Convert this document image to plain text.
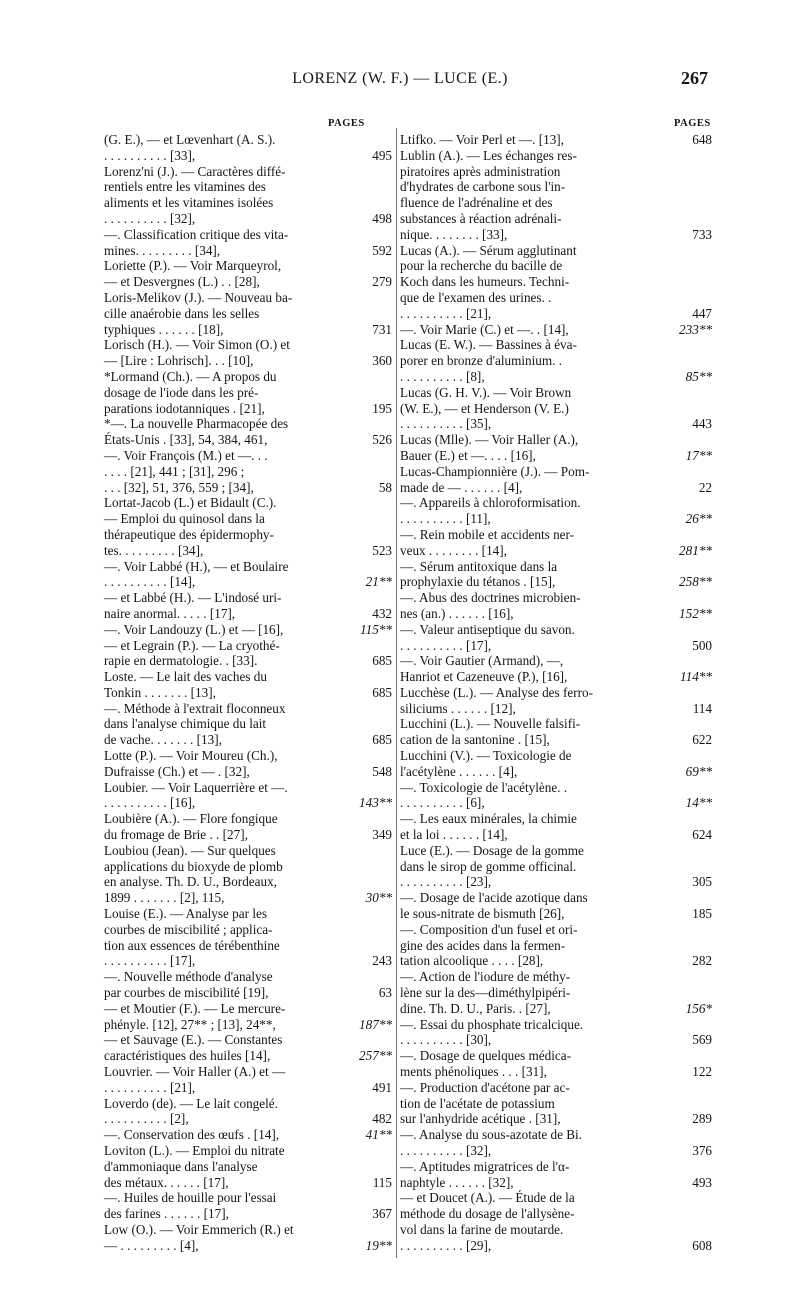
LORENZ (W. F.) — LUCE (E.)	267
PAGES	PAGES
(G. E.), — et Lœvenhart (A. S.).
. . . . . . . . . . [33],	495
Lorenz'ni (J.). — Caractères diffé-
rentiels entre les vitamines des
aliments et les vitamines isolées
. . . . . . . . . . [32],	498
—. Classification critique des vita-
mines. . . . . . . . . [34],	592
Loriette (P.). — Voir Marqueyrol,
— et Desvergnes (L.) . . [28],	279
Loris-Melikov (J.). — Nouveau ba-
cille anaérobie dans les selles
typhiques . . . . . . [18],	731
Lorisch (H.). — Voir Simon (O.) et
— [Lire : Lohrisch]. . . [10],	360
*Lormand (Ch.). — A propos du
dosage de l'iode dans les pré-
parations iodotanniques . [21],	195
*—. La nouvelle Pharmacopée des
États-Unis . [33], 54, 384, 461,	526
—. Voir François (M.) et —. . .
. . . . [21], 441 ; [31], 296 ;
. . . [32], 51, 376, 559 ; [34],	58
Lortat-Jacob (L.) et Bidault (C.).
— Emploi du quinosol dans la
thérapeutique des épidermophy-
tes. . . . . . . . . [34],	523
—. Voir Labbé (H.), — et Boulaire
. . . . . . . . . . [14],	21**
— et Labbé (H.). — L'indosé uri-
naire anormal. . . . . [17],	432
—. Voir Landouzy (L.) et — [16],	115**
— et Legrain (P.). — La cryothé-
rapie en dermatologie. . [33].	685
Loste. — Le lait des vaches du
Tonkin . . . . . . . [13],	685
—. Méthode à l'extrait floconneux
dans l'analyse chimique du lait
de vache. . . . . . . [13],	685
Lotte (P.). — Voir Moureu (Ch.),
Dufraisse (Ch.) et — . [32],	548
Loubier. — Voir Laquerrière et —.
. . . . . . . . . . [16],	143**
Loubière (A.). — Flore fongique
du fromage de Brie . . [27],	349
Loubiou (Jean). — Sur quelques
applications du bioxyde de plomb
en analyse. Th. D. U., Bordeaux,
1899 . . . . . . . [2], 115,	30**
Louise (E.). — Analyse par les
courbes de miscibilité ; applica-
tion aux essences de térébenthine
. . . . . . . . . . [17],	243
—. Nouvelle méthode d'analyse
par courbes de miscibilité [19],	63
— et Moutier (F.). — Le mercure-
phényle. [12], 27** ; [13], 24**,	187**
— et Sauvage (E.). — Constantes
caractéristiques des huiles [14],	257**
Louvrier. — Voir Haller (A.) et —
. . . . . . . . . . [21],	491
Loverdo (de). — Le lait congelé.
. . . . . . . . . . [2],	482
—. Conservation des œufs . [14],	41**
Loviton (L.). — Emploi du nitrate
d'ammoniaque dans l'analyse
des métaux. . . . . . [17],	115
—. Huiles de houille pour l'essai
des farines . . . . . . [17],	367
Low (O.). — Voir Emmerich (R.) et
— . . . . . . . . . [4],	19**
Ltifko. — Voir Perl et —. [13],	648
Lublin (A.). — Les échanges res-
piratoires après administration
d'hydrates de carbone sous l'in-
fluence de l'adrénaline et des
substances à réaction adrénali-
nique. . . . . . . . [33],	733
Lucas (A.). — Sérum agglutinant
pour la recherche du bacille de
Koch dans les humeurs. Techni-
que de l'examen des urines. .
. . . . . . . . . . [21],	447
—. Voir Marie (C.) et —. . [14],	233**
Lucas (E. W.). — Bassines à éva-
porer en bronze d'aluminium. .
. . . . . . . . . . [8],	85**
Lucas (G. H. V.). — Voir Brown
(W. E.), — et Henderson (V. E.)
. . . . . . . . . . [35],	443
Lucas (Mlle). — Voir Haller (A.),
Bauer (E.) et —. . . . [16],	17**
Lucas-Championnière (J.). — Pom-
made de — . . . . . . [4],	22
—. Appareils à chloroformisation.
. . . . . . . . . . [11],	26**
—. Rein mobile et accidents ner-
veux . . . . . . . . [14],	281**
—. Sérum antitoxique dans la
prophylaxie du tétanos . [15],	258**
—. Abus des doctrines microbien-
nes (an.) . . . . . . [16],	152**
—. Valeur antiseptique du savon.
. . . . . . . . . . [17],	500
—. Voir Gautier (Armand), —,
Hanriot et Cazeneuve (P.), [16],	114**
Lucchèse (L.). — Analyse des ferro-
siliciums . . . . . . [12],	114
Lucchini (L.). — Nouvelle falsifi-
cation de la santonine . [15],	622
Lucchini (V.). — Toxicologie de
l'acétylène . . . . . . [4],	69**
—. Toxicologie de l'acétylène. .
. . . . . . . . . . [6],	14**
—. Les eaux minérales, la chimie
et la loi . . . . . . [14],	624
Luce (E.). — Dosage de la gomme
dans le sirop de gomme officinal.
. . . . . . . . . . [23],	305
—. Dosage de l'acide azotique dans
le sous-nitrate de bismuth [26],	185
—. Composition d'un fusel et ori-
gine des acides dans la fermen-
tation alcoolique . . . . [28],	282
—. Action de l'iodure de méthy-
lène sur la des—diméthylpipéri-
dine. Th. D. U., Paris. . [27],	156*
—. Essai du phosphate tricalcique.
. . . . . . . . . . [30],	569
—. Dosage de quelques médica-
ments phénoliques . . . [31],	122
—. Production d'acétone par ac-
tion de l'acétate de potassium
sur l'anhydride acétique . [31],	289
—. Analyse du sous-azotate de Bi.
. . . . . . . . . . [32],	376
—. Aptitudes migratrices de l'α-
naphtyle . . . . . . [32],	493
— et Doucet (A.). — Étude de la
méthode du dosage de l'allysène-
vol dans la farine de moutarde.
. . . . . . . . . . [29],	608
